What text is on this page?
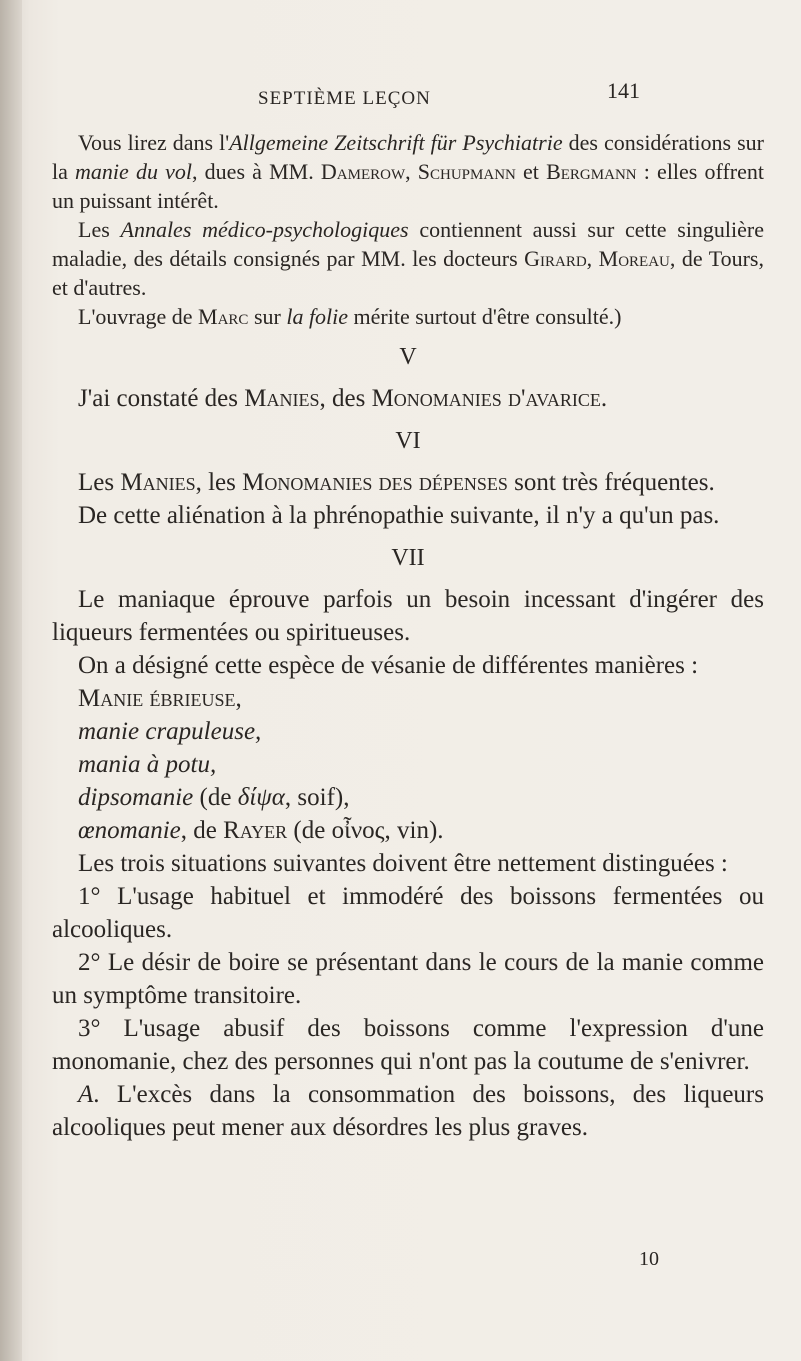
SEPTIÈME LEÇON	141

Vous lirez dans l'Allgemeine Zeitschrift für Psychiatrie des considérations sur la manie du vol, dues à MM. Damerow, Schupmann et Bergmann : elles offrent un puissant intérêt.

Les Annales médico-psychologiques contiennent aussi sur cette singulière maladie, des détails consignés par MM. les docteurs Girard, Moreau, de Tours, et d'autres.

L'ouvrage de Marc sur la folie mérite surtout d'être consulté.)

V

J'ai constaté des Manies, des Monomanies d'avarice.

VI

Les Manies, les Monomanies des dépenses sont très fréquentes.

De cette aliénation à la phrénopathie suivante, il n'y a qu'un pas.

VII

Le maniaque éprouve parfois un besoin incessant d'ingérer des liqueurs fermentées ou spiritueuses.

On a désigné cette espèce de vésanie de différentes manières :

Manie ébrieuse,

manie crapuleuse,

mania à potu,

dipsomanie (de δίψα, soif),

œnomanie, de Rayer (de οἶνος, vin).

Les trois situations suivantes doivent être nettement distinguées :

1° L'usage habituel et immodéré des boissons fermentées ou alcooliques.

2° Le désir de boire se présentant dans le cours de la manie comme un symptôme transitoire.

3° L'usage abusif des boissons comme l'expression d'une monomanie, chez des personnes qui n'ont pas la coutume de s'enivrer.

A. L'excès dans la consommation des boissons, des liqueurs alcooliques peut mener aux désordres les plus graves.

10
